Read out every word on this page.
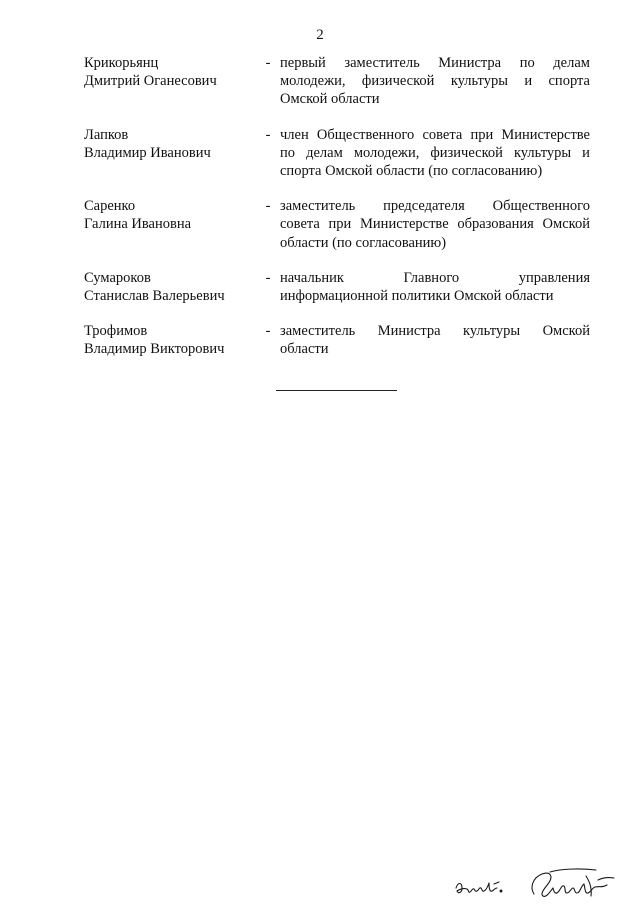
2
Крикорьянц
Дмитрий Оганесович
- первый заместитель Министра по делам
молодежи, физической культуры и спорта
Омской области
Лапков
Владимир Иванович
- член Общественного совета при Министерстве
по делам молодежи, физической культуры и
спорта Омской области (по согласованию)
Саренко
Галина Ивановна
- заместитель председателя Общественного
совета при Министерстве образования Омской
области (по согласованию)
Сумароков
Станислав Валерьевич
- начальник	Главного	управления
информационной политики Омской области
Трофимов
Владимир Викторович
- заместитель Министра культуры Омской
области
